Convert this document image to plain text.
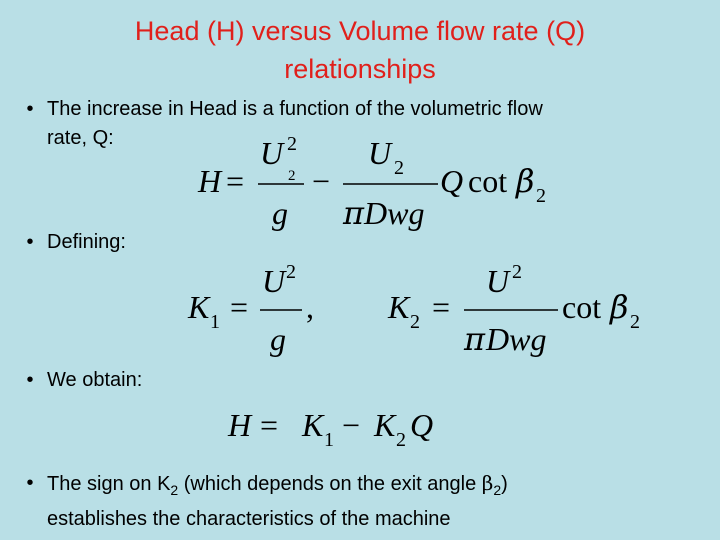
Head (H) versus Volume flow rate (Q)
relationships
• The increase in Head is a function of the volumetric flow
rate, Q:
H =
U 2
2
g
−
U 2
π Dwg
Q cot β 2
• Defining:
K 1 =
U 2
g
, K 2 =
U 2
π Dwg
cot β 2
• We obtain:
H = K 1 − K 2 Q
• The sign on $K_2$ (which depends on the exit angle $\beta_2$)
establishes the characteristics of the machine
